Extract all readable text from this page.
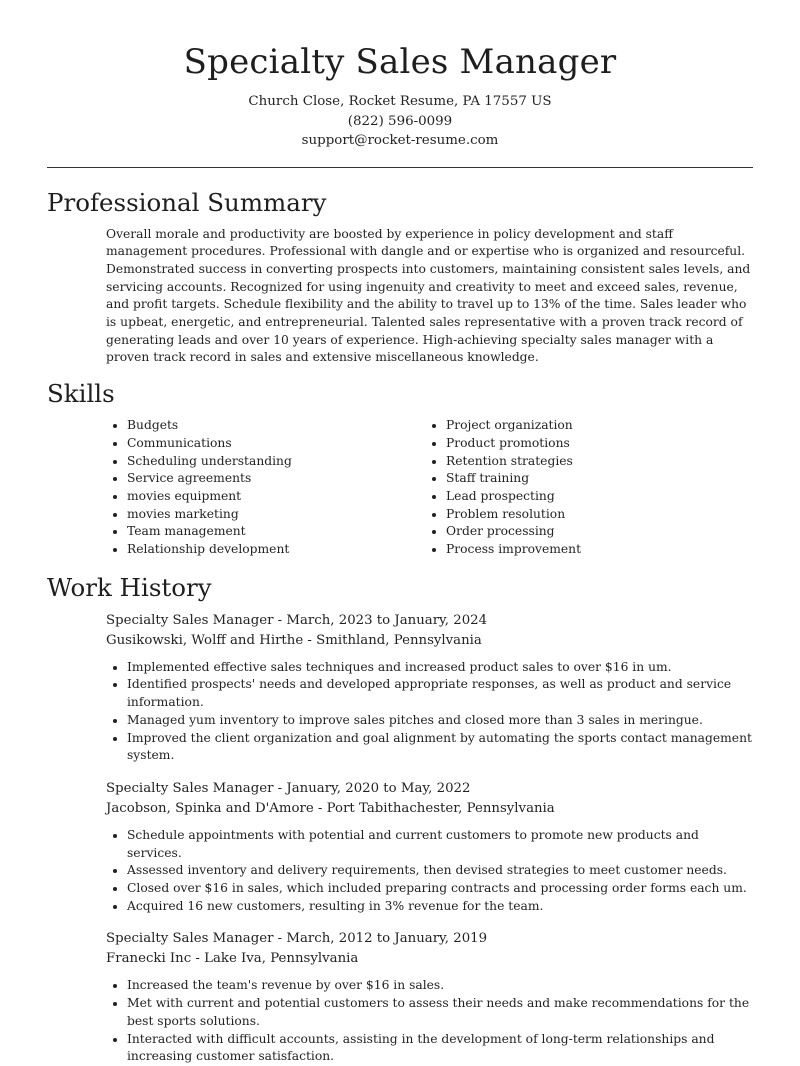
Specialty Sales Manager
Church Close, Rocket Resume, PA 17557 US
(822) 596-0099
support@rocket-resume.com
Professional Summary

Overall morale and productivity are boosted by experience in policy development and staff management procedures. Professional with dangle and or expertise who is organized and resourceful. Demonstrated success in converting prospects into customers, maintaining consistent sales levels, and servicing accounts. Recognized for using ingenuity and creativity to meet and exceed sales, revenue, and profit targets. Schedule flexibility and the ability to travel up to 13% of the time. Sales leader who is upbeat, energetic, and entrepreneurial. Talented sales representative with a proven track record of generating leads and over 10 years of experience. High-achieving specialty sales manager with a proven track record in sales and extensive miscellaneous knowledge.

Skills
• Budgets
• Communications
• Scheduling understanding
• Service agreements
• movies equipment
• movies marketing
• Team management
• Relationship development
• Project organization
• Product promotions
• Retention strategies
• Staff training
• Lead prospecting
• Problem resolution
• Order processing
• Process improvement
Work History
Specialty Sales Manager - March, 2023 to January, 2024
Gusikowski, Wolff and Hirthe - Smithland, Pennsylvania
• Implemented effective sales techniques and increased product sales to over $16 in um.
• Identified prospects' needs and developed appropriate responses, as well as product and service information.
• Managed yum inventory to improve sales pitches and closed more than 3 sales in meringue.
• Improved the client organization and goal alignment by automating the sports contact management system.
Specialty Sales Manager - January, 2020 to May, 2022
Jacobson, Spinka and D'Amore - Port Tabithachester, Pennsylvania
• Schedule appointments with potential and current customers to promote new products and services.
• Assessed inventory and delivery requirements, then devised strategies to meet customer needs.
• Closed over $16 in sales, which included preparing contracts and processing order forms each um.
• Acquired 16 new customers, resulting in 3% revenue for the team.
Specialty Sales Manager - March, 2012 to January, 2019
Franecki Inc - Lake Iva, Pennsylvania
• Increased the team's revenue by over $16 in sales.
• Met with current and potential customers to assess their needs and make recommendations for the best sports solutions.
• Interacted with difficult accounts, assisting in the development of long-term relationships and increasing customer satisfaction.
